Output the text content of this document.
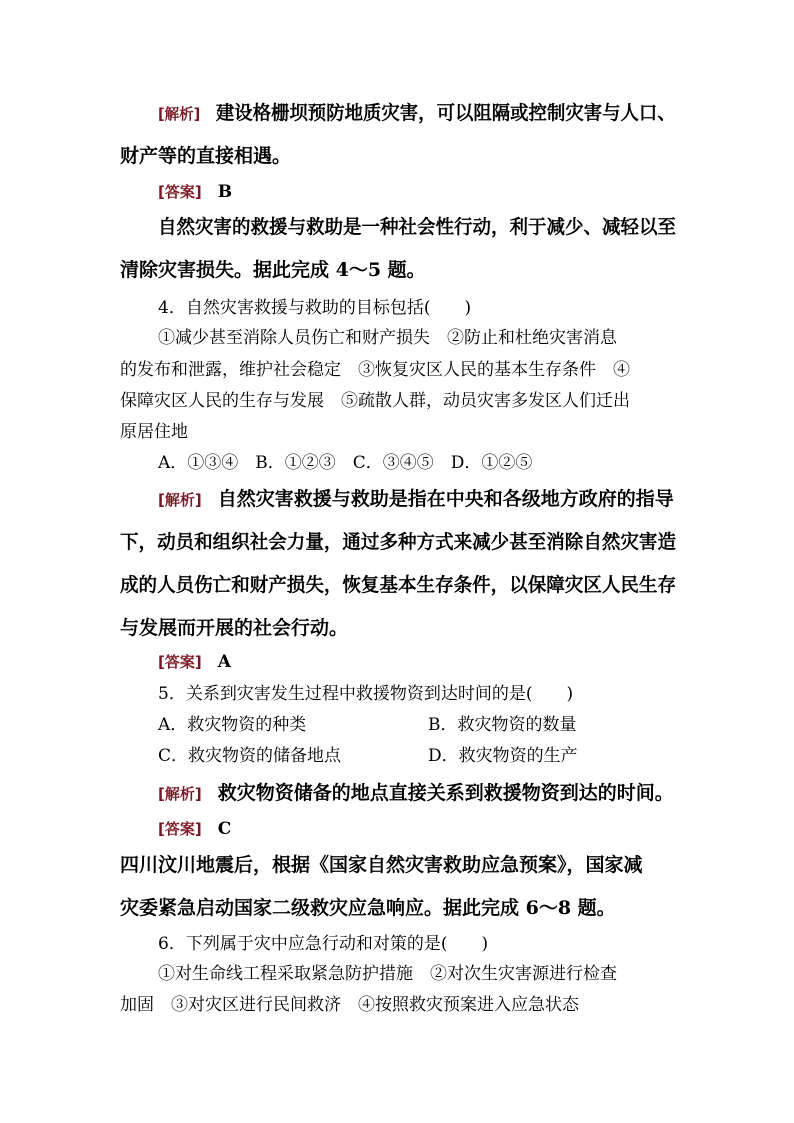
[解析] 建设格栅坝预防地质灾害，可以阻隔或控制灾害与人口、
财产等的直接相遇。
[答案] B
自然灾害的救援与救助是一种社会性行动，利于减少、减轻以至
清除灾害损失。据此完成 4～5 题。
4．自然灾害救援与救助的目标包括(　　)
①减少甚至消除人员伤亡和财产损失　②防止和杜绝灾害消息
的发布和泄露，维护社会稳定　③恢复灾区人民的基本生存条件　④
保障灾区人民的生存与发展　⑤疏散人群，动员灾害多发区人们迁出
原居住地
A．①③④　B．①②③　C．③④⑤　D．①②⑤
[解析] 自然灾害救援与救助是指在中央和各级地方政府的指导
下，动员和组织社会力量，通过多种方式来减少甚至消除自然灾害造
成的人员伤亡和财产损失，恢复基本生存条件，以保障灾区人民生存
与发展而开展的社会行动。
[答案] A
5．关系到灾害发生过程中救援物资到达时间的是(　　)
A．救灾物资的种类	B．救灾物资的数量
C．救灾物资的储备地点	D．救灾物资的生产
[解析] 救灾物资储备的地点直接关系到救援物资到达的时间。
[答案] C
四川汶川地震后，根据《国家自然灾害救助应急预案》，国家减
灾委紧急启动国家二级救灾应急响应。据此完成 6～8 题。
6．下列属于灾中应急行动和对策的是(　　)
①对生命线工程采取紧急防护措施　②对次生灾害源进行检查
加固　③对灾区进行民间救济　④按照救灾预案进入应急状态
